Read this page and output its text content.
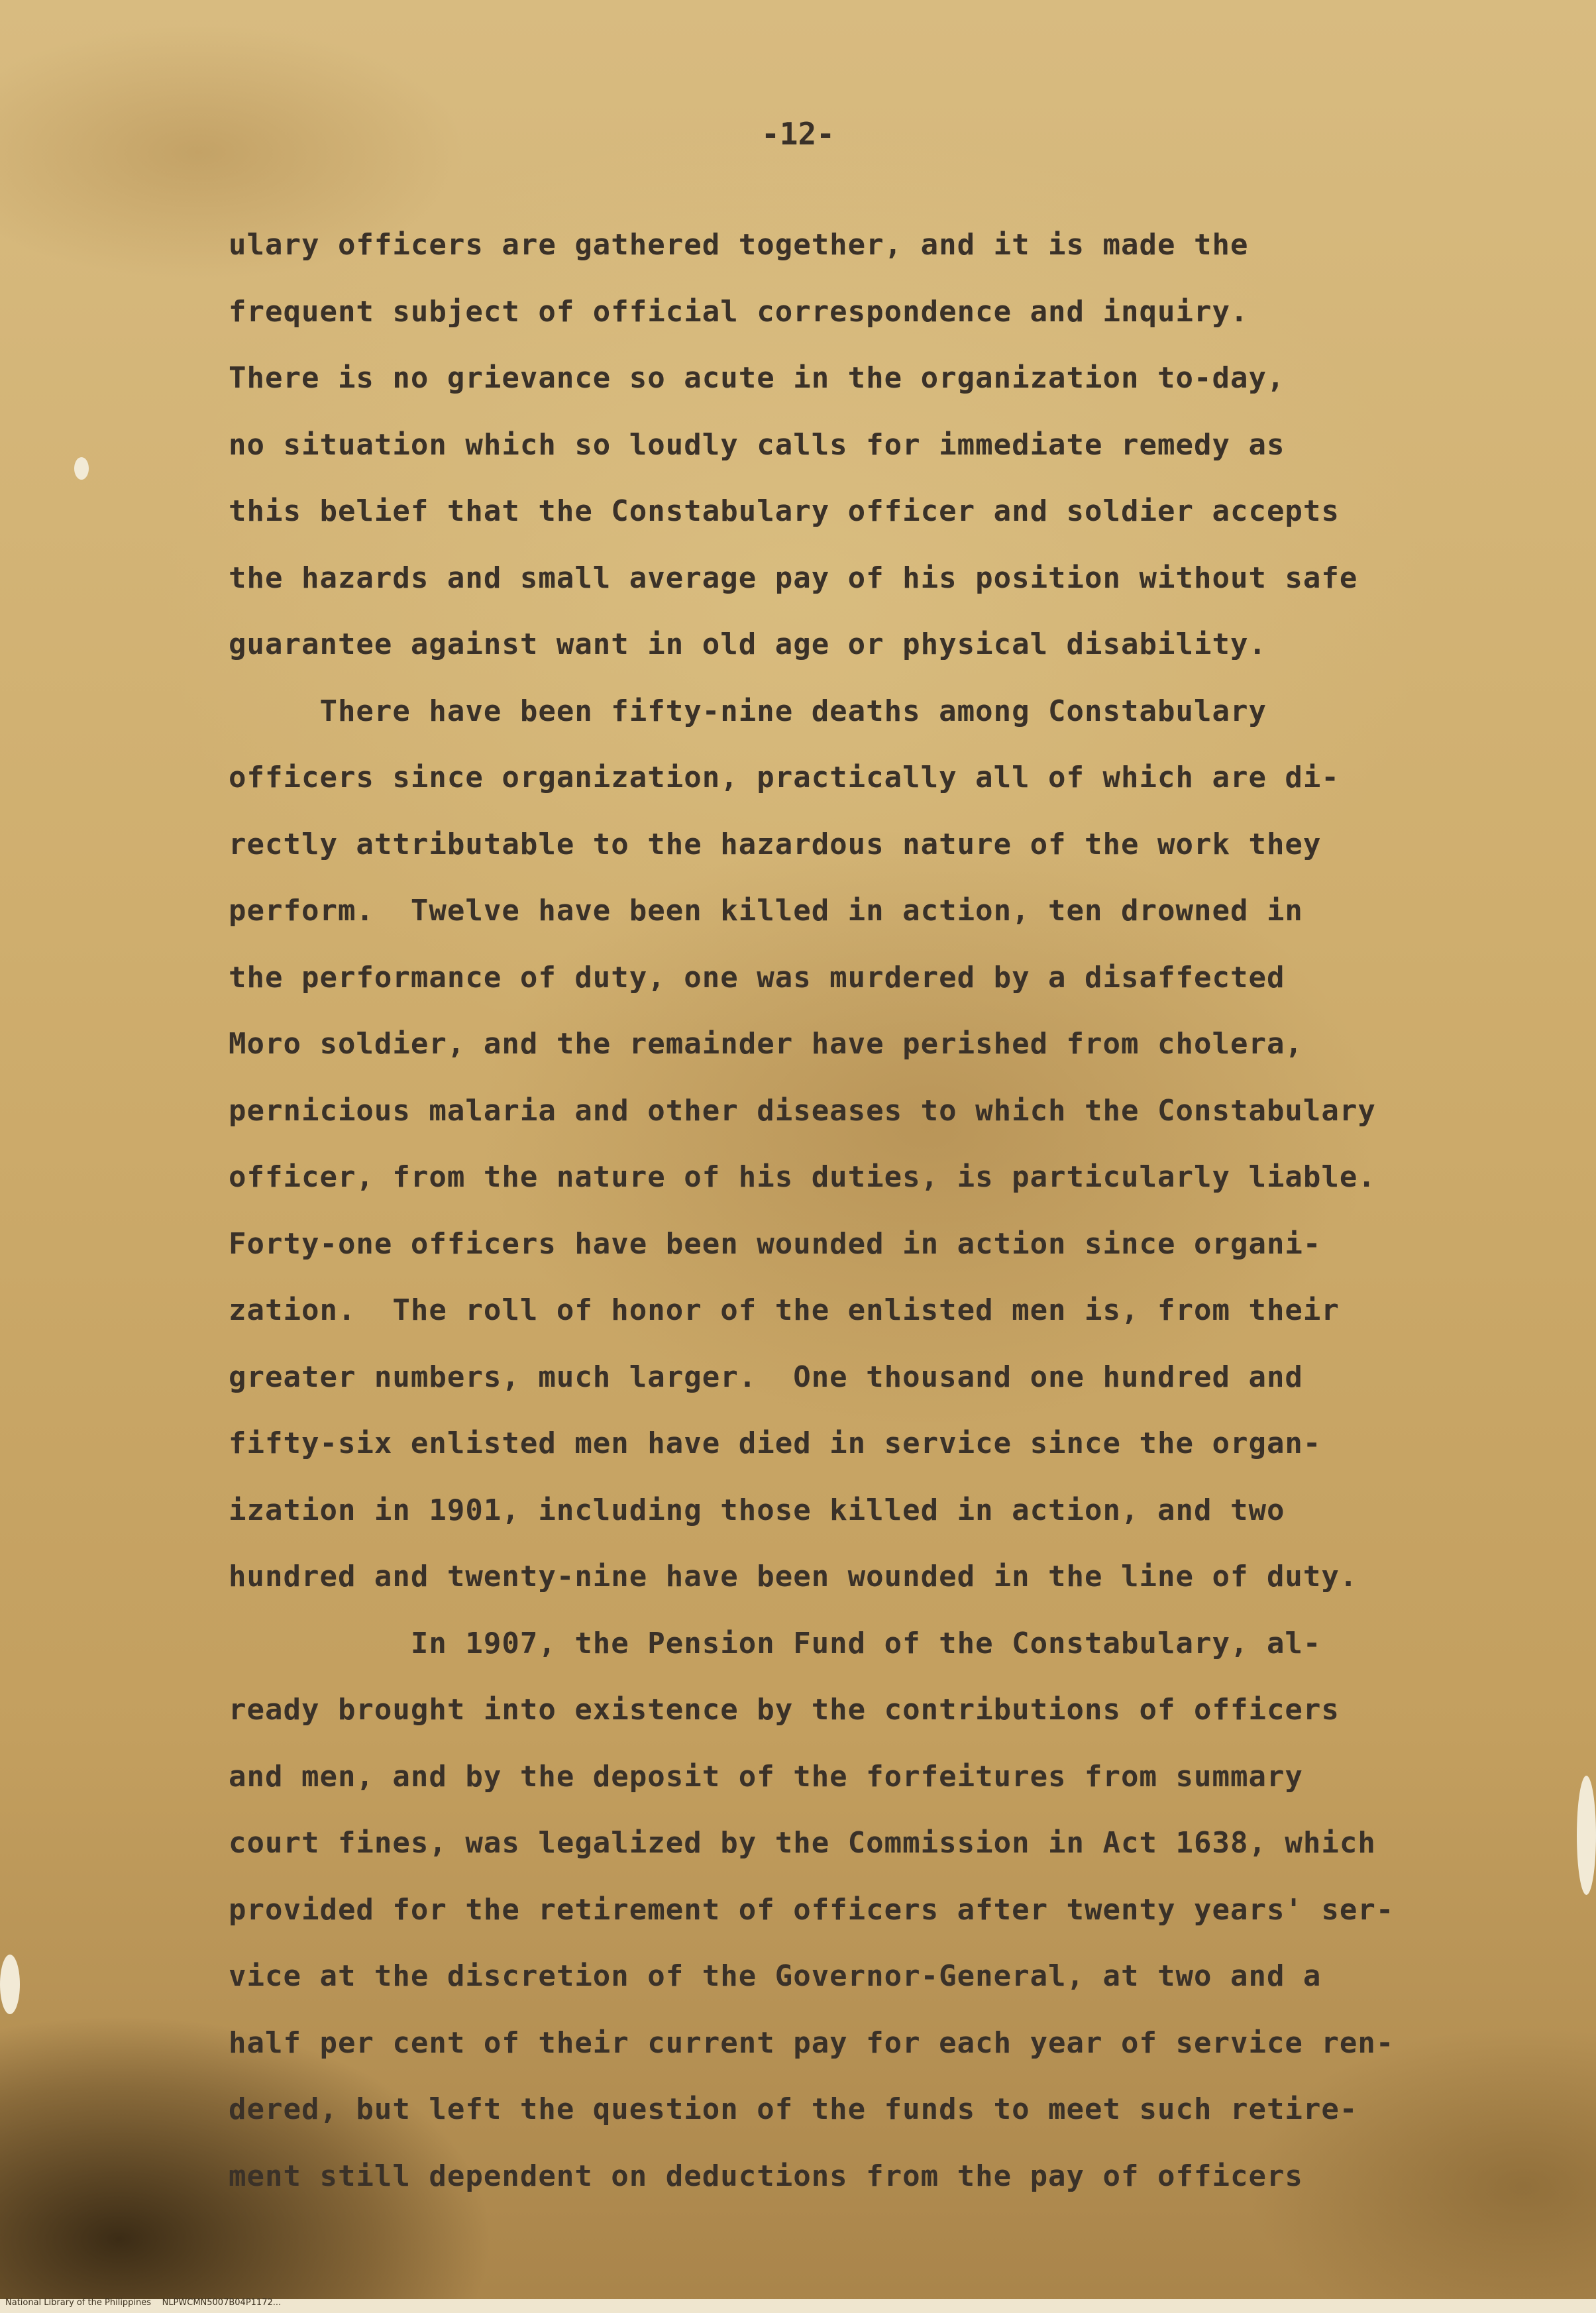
-12-
ulary officers are gathered together, and it is made the
frequent subject of official correspondence and inquiry.
There is no grievance so acute in the organization to-day,
no situation which so loudly calls for immediate remedy as
this belief that the Constabulary officer and soldier accepts
the hazards and small average pay of his position without safe
guarantee against want in old age or physical disability.
There have been fifty-nine deaths among Constabulary
officers since organization, practically all of which are di-
rectly attributable to the hazardous nature of the work they
perform.  Twelve have been killed in action, ten drowned in
the performance of duty, one was murdered by a disaffected
Moro soldier, and the remainder have perished from cholera,
pernicious malaria and other diseases to which the Constabulary
officer, from the nature of his duties, is particularly liable.
Forty-one officers have been wounded in action since organi-
zation.  The roll of honor of the enlisted men is, from their
greater numbers, much larger.  One thousand one hundred and
fifty-six enlisted men have died in service since the organ-
ization in 1901, including those killed in action, and two
hundred and twenty-nine have been wounded in the line of duty.
In 1907, the Pension Fund of the Constabulary, al-
ready brought into existence by the contributions of officers
and men, and by the deposit of the forfeitures from summary
court fines, was legalized by the Commission in Act 1638, which
provided for the retirement of officers after twenty years' ser-
vice at the discretion of the Governor-General, at two and a
half per cent of their current pay for each year of service ren-
dered, but left the question of the funds to meet such retire-
ment still dependent on deductions from the pay of officers
National Library of the Philippines    NLPWCMN5007B04P1172...
